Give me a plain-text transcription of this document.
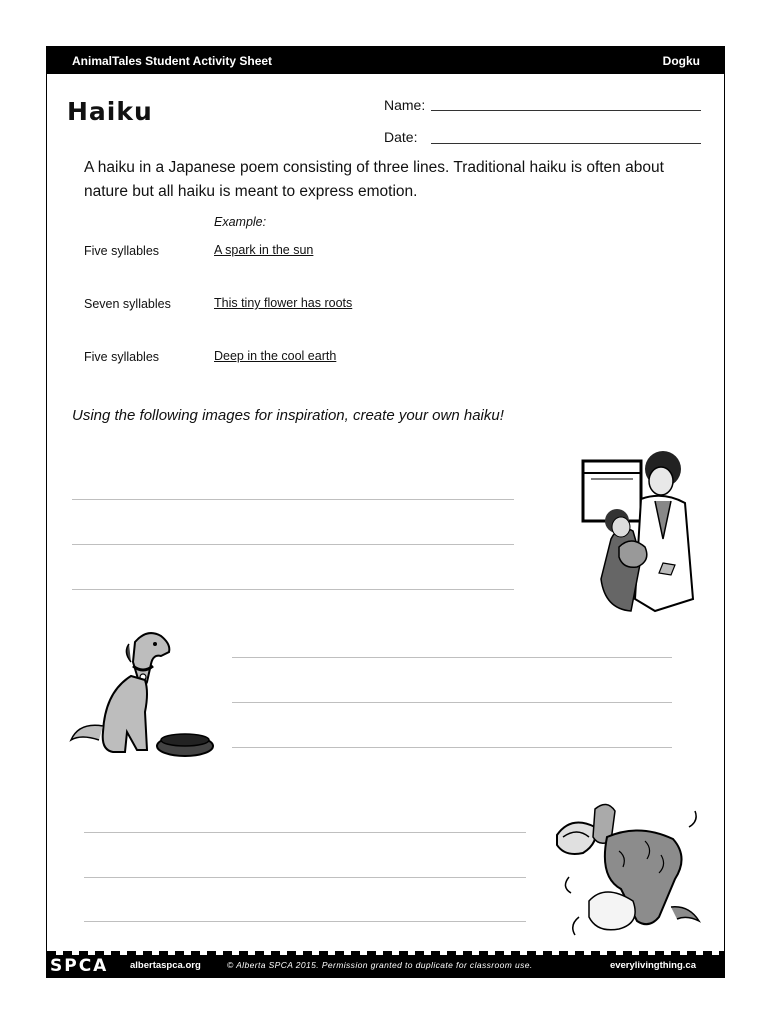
AnimalTales Student Activity Sheet	Dogku
Haiku	Name:
Date:
A haiku in a Japanese poem consisting of three lines. Traditional haiku is often about nature but all haiku is meant to express emotion.
Example:
Five syllables	A spark in the sun
Seven syllables	This tiny flower has roots
Five syllables	Deep in the cool earth
Using the following images for inspiration, create your own haiku!
SPCA albertaspca.org	© Alberta SPCA 2015. Permission granted to duplicate for classroom use.	everylivingthing.ca
